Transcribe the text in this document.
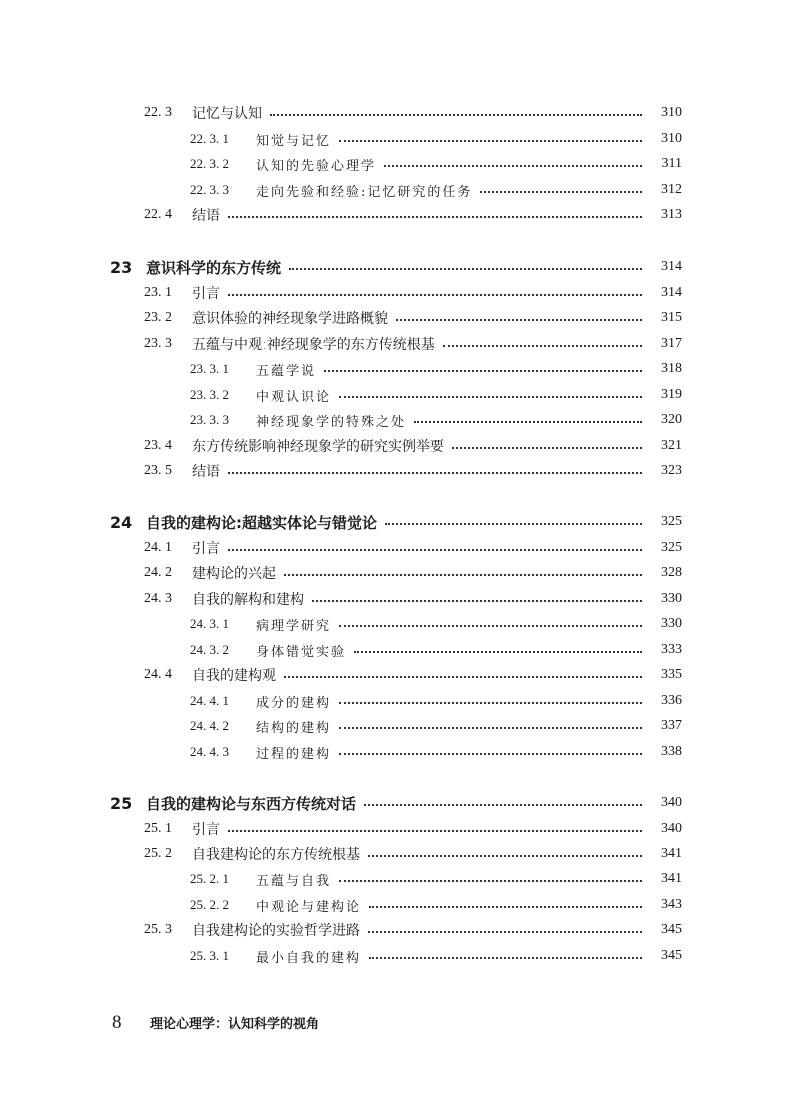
22. 3	记忆与认知	310
22. 3. 1	知觉与记忆	310
22. 3. 2	认知的先验心理学	311
22. 3. 3	走向先验和经验:记忆研究的任务	312
22. 4	结语	313
23 意识科学的东方传统	314
23. 1	引言	314
23. 2	意识体验的神经现象学进路概貌	315
23. 3	五蕴与中观:神经现象学的东方传统根基	317
23. 3. 1	五蕴学说	318
23. 3. 2	中观认识论	319
23. 3. 3	神经现象学的特殊之处	320
23. 4	东方传统影响神经现象学的研究实例举要	321
23. 5	结语	323
24 自我的建构论:超越实体论与错觉论	325
24. 1	引言	325
24. 2	建构论的兴起	328
24. 3	自我的解构和建构	330
24. 3. 1	病理学研究	330
24. 3. 2	身体错觉实验	333
24. 4	自我的建构观	335
24. 4. 1	成分的建构	336
24. 4. 2	结构的建构	337
24. 4. 3	过程的建构	338
25 自我的建构论与东西方传统对话	340
25. 1	引言	340
25. 2	自我建构论的东方传统根基	341
25. 2. 1	五蕴与自我	341
25. 2. 2	中观论与建构论	343
25. 3	自我建构论的实验哲学进路	345
25. 3. 1	最小自我的建构	345
8	理论心理学：认知科学的视角
